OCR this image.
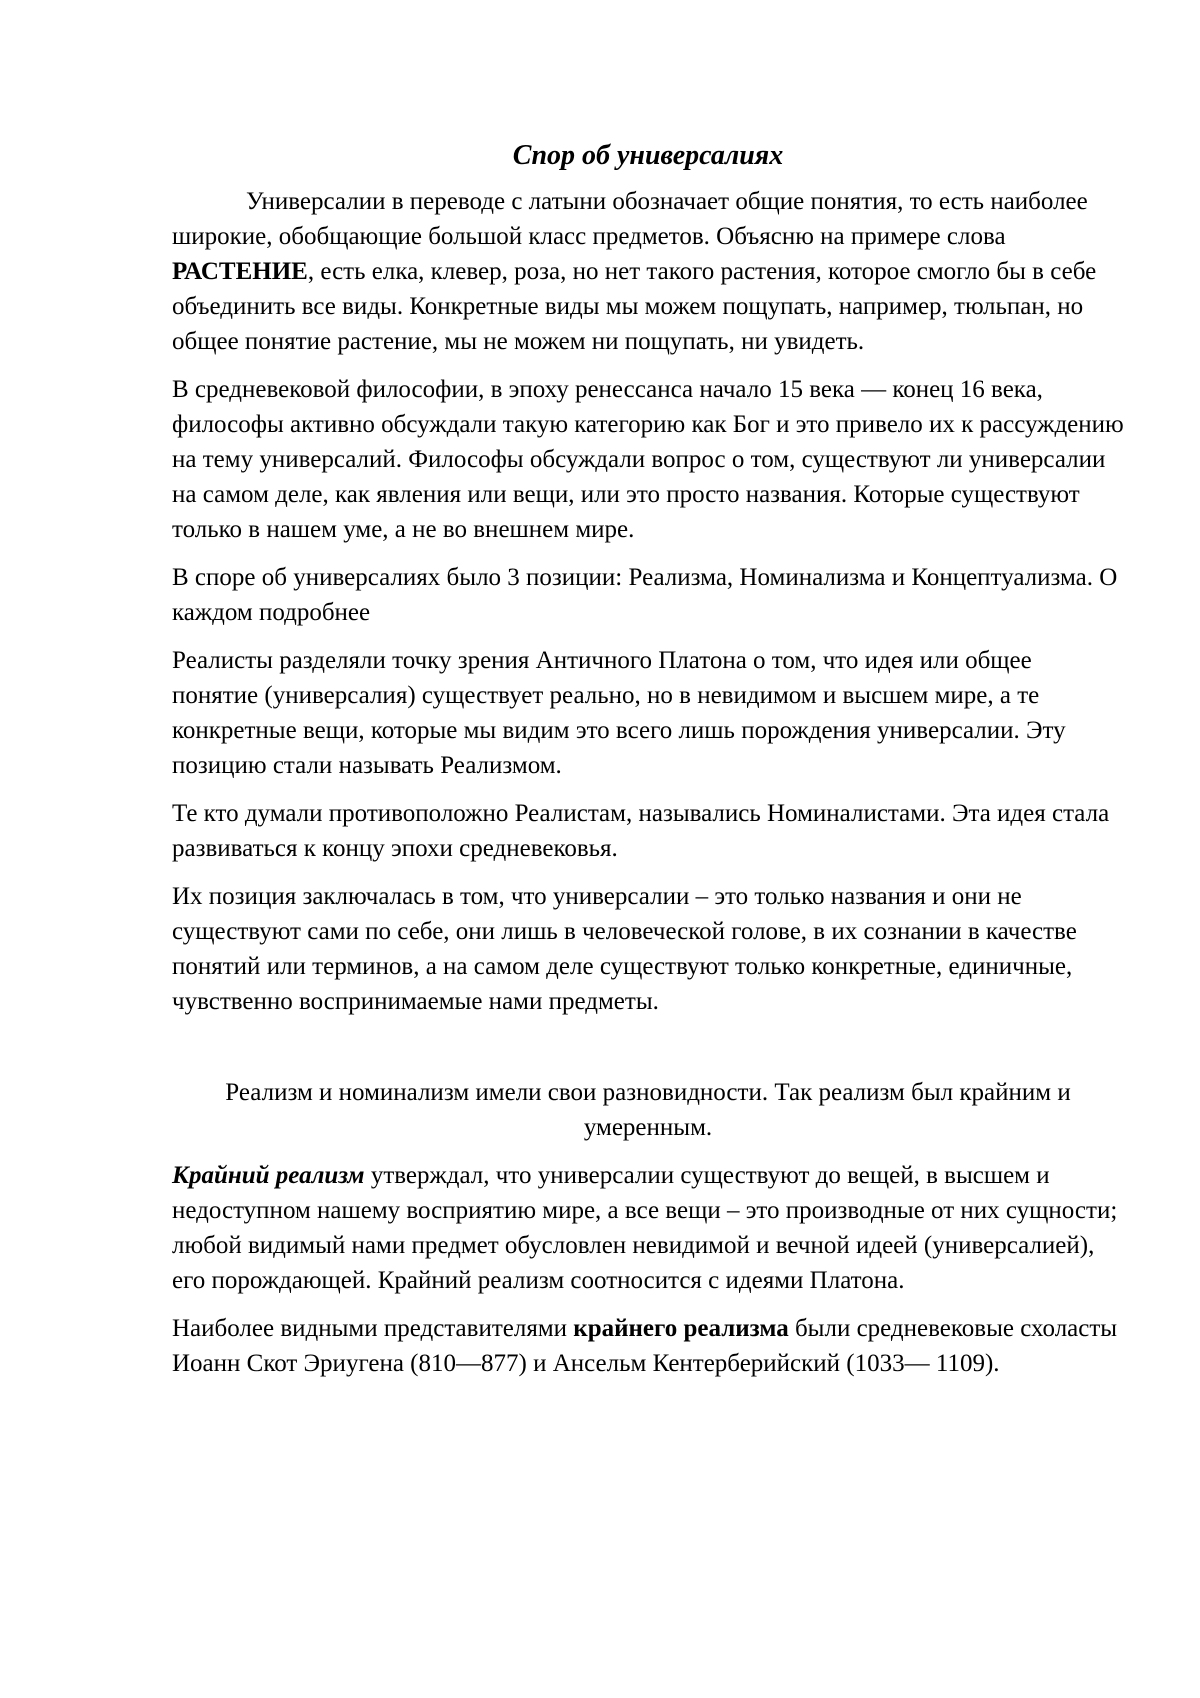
Спор об универсалиях

Универсалии в переводе с латыни обозначает общие понятия, то есть наиболее широкие, обобщающие большой класс предметов. Объясню на примере слова РАСТЕНИЕ, есть елка, клевер, роза, но нет такого растения, которое смогло бы в себе объединить все виды. Конкретные виды мы можем пощупать, например, тюльпан, но общее понятие растение, мы не можем ни пощупать, ни увидеть.

В средневековой философии, в эпоху ренессанса начало 15 века — конец 16 века, философы активно обсуждали такую категорию как Бог и это привело их к рассуждению на тему универсалий. Философы обсуждали вопрос о том, существуют ли универсалии на самом деле, как явления или вещи, или это просто названия. Которые существуют только в нашем уме, а не во внешнем мире.

В споре об универсалиях было 3 позиции: Реализма, Номинализма и Концептуализма. О каждом подробнее

Реалисты разделяли точку зрения Античного Платона о том, что идея или общее понятие (универсалия) существует реально, но в невидимом и высшем мире, а те конкретные вещи, которые мы видим это всего лишь порождения универсалии. Эту позицию стали называть Реализмом.

Те кто думали противоположно Реалистам, назывались Номиналистами. Эта идея стала развиваться к концу эпохи средневековья.

Их позиция заключалась в том, что универсалии – это только названия и они не существуют сами по себе, они лишь в человеческой голове, в их сознании в качестве понятий или терминов, а на самом деле существуют только конкретные, единичные, чувственно воспринимаемые нами предметы.

Реализм и номинализм имели свои разновидности. Так реализм был крайним и умеренным.

Крайний реализм утверждал, что универсалии существуют до вещей, в высшем и недоступном нашему восприятию мире, а все вещи – это производные от них сущности; любой видимый нами предмет обусловлен невидимой и вечной идеей (универсалией), его порождающей. Крайний реализм соотносится с идеями Платона.

Наиболее видными представителями крайнего реализма были средневековые схоласты Иоанн Скот Эриугена (810—877) и Ансельм Кентерберийский (1033— 1109).
